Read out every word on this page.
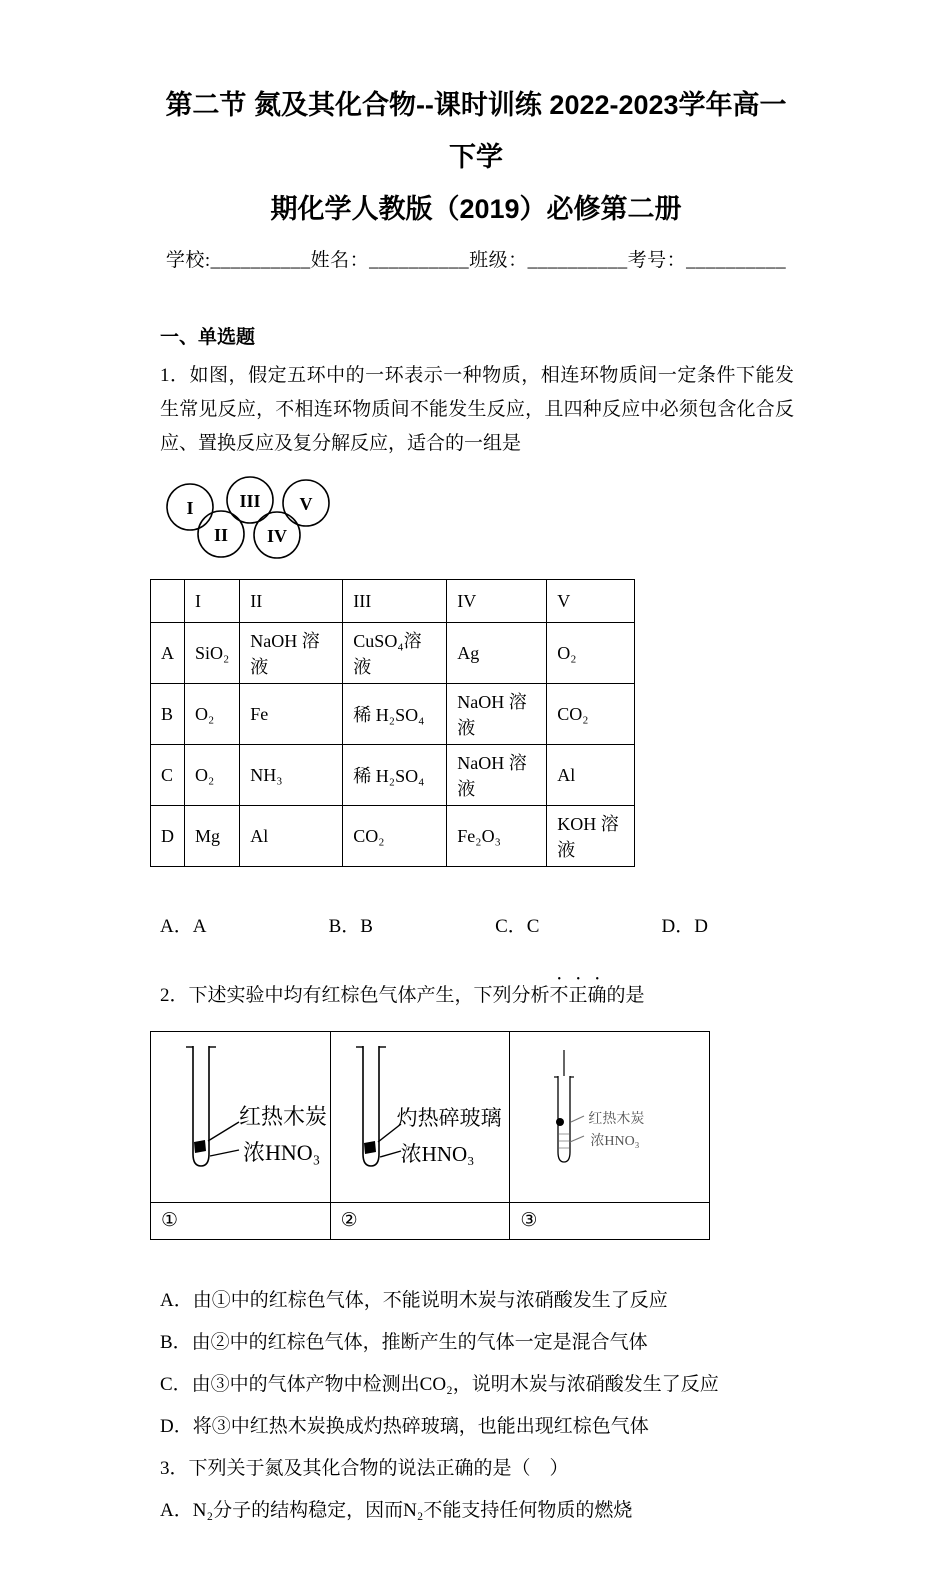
第二节 氮及其化合物--课时训练 2022-2023学年高一下学
期化学人教版（2019）必修第二册
学校:__________姓名：__________班级：__________考号：__________
一、单选题
1．如图，假定五环中的一环表示一种物质，相连环物质间一定条件下能发生常见反应，不相连环物质间不能发生反应，且四种反应中必须包含化合反应、置换反应及复分解反应，适合的一组是
I	III V
II IV
	I	II	III	IV	V
A	SiO₂	NaOH 溶液	CuSO₄溶液	Ag	O₂
B	O₂	Fe	稀 H₂SO₄	NaOH 溶液	CO₂
C	O₂	NH₃	稀 H₂SO₄	NaOH 溶液	Al
D	Mg	Al	CO₂	Fe₂O₃	KOH 溶液
A．A	B．B	C．C	D．D
2．下述实验中均有红棕色气体产生，下列分析不正确的是
红热木炭
浓HNO₃
灼热碎玻璃
浓HNO₃
红热木炭
浓HNO₃
①	②	③
A．由①中的红棕色气体，不能说明木炭与浓硝酸发生了反应
B．由②中的红棕色气体，推断产生的气体一定是混合气体
C．由③中的气体产物中检测出CO₂，说明木炭与浓硝酸发生了反应
D．将③中红热木炭换成灼热碎玻璃，也能出现红棕色气体
3．下列关于氮及其化合物的说法正确的是（　）
A．N₂分子的结构稳定，因而N₂不能支持任何物质的燃烧
